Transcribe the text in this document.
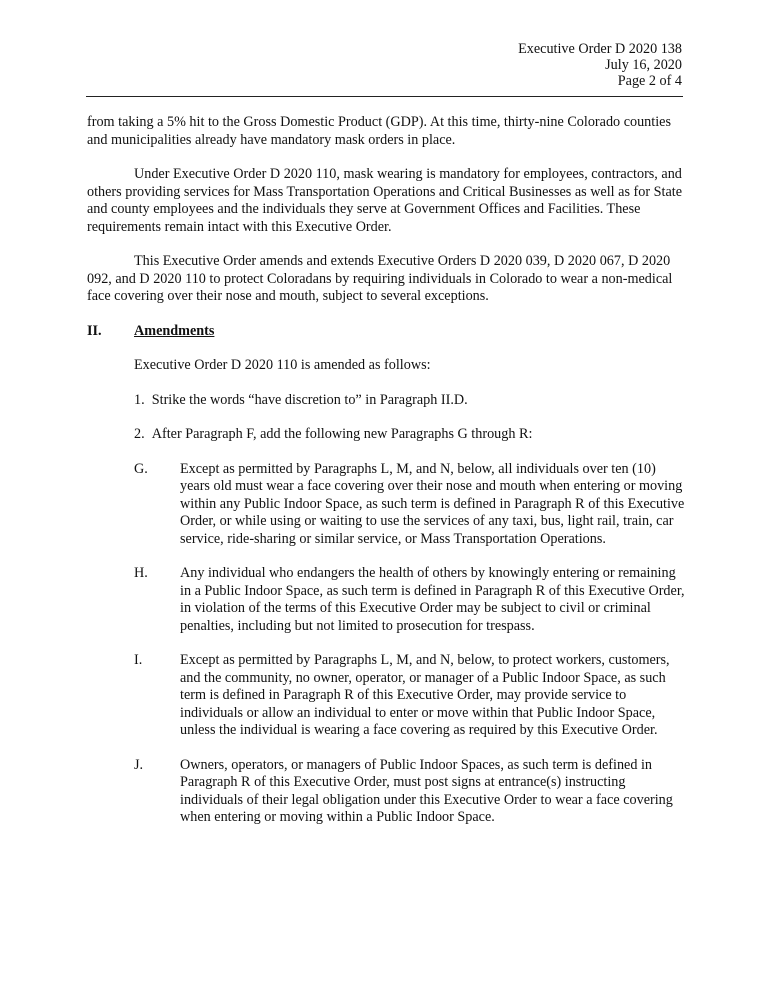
Executive Order D 2020 138
July 16, 2020
Page 2 of 4

from taking a 5% hit to the Gross Domestic Product (GDP). At this time, thirty-nine Colorado counties and municipalities already have mandatory mask orders in place.

Under Executive Order D 2020 110, mask wearing is mandatory for employees, contractors, and others providing services for Mass Transportation Operations and Critical Businesses as well as for State and county employees and the individuals they serve at Government Offices and Facilities. These requirements remain intact with this Executive Order.

This Executive Order amends and extends Executive Orders D 2020 039, D 2020 067, D 2020 092, and D 2020 110 to protect Coloradans by requiring individuals in Colorado to wear a non-medical face covering over their nose and mouth, subject to several exceptions.

II.	Amendments

Executive Order D 2020 110 is amended as follows:

1.  Strike the words “have discretion to” in Paragraph II.D.

2.  After Paragraph F, add the following new Paragraphs G through R:

G.	Except as permitted by Paragraphs L, M, and N, below, all individuals over ten (10) years old must wear a face covering over their nose and mouth when entering or moving within any Public Indoor Space, as such term is defined in Paragraph R of this Executive Order, or while using or waiting to use the services of any taxi, bus, light rail, train, car service, ride-sharing or similar service, or Mass Transportation Operations.
H.	Any individual who endangers the health of others by knowingly entering or remaining in a Public Indoor Space, as such term is defined in Paragraph R of this Executive Order, in violation of the terms of this Executive Order may be subject to civil or criminal penalties, including but not limited to prosecution for trespass.
I.	Except as permitted by Paragraphs L, M, and N, below, to protect workers, customers, and the community, no owner, operator, or manager of a Public Indoor Space, as such term is defined in Paragraph R of this Executive Order, may provide service to individuals or allow an individual to enter or move within that Public Indoor Space, unless the individual is wearing a face covering as required by this Executive Order.
J.	Owners, operators, or managers of Public Indoor Spaces, as such term is defined in Paragraph R of this Executive Order, must post signs at entrance(s) instructing individuals of their legal obligation under this Executive Order to wear a face covering when entering or moving within a Public Indoor Space.
